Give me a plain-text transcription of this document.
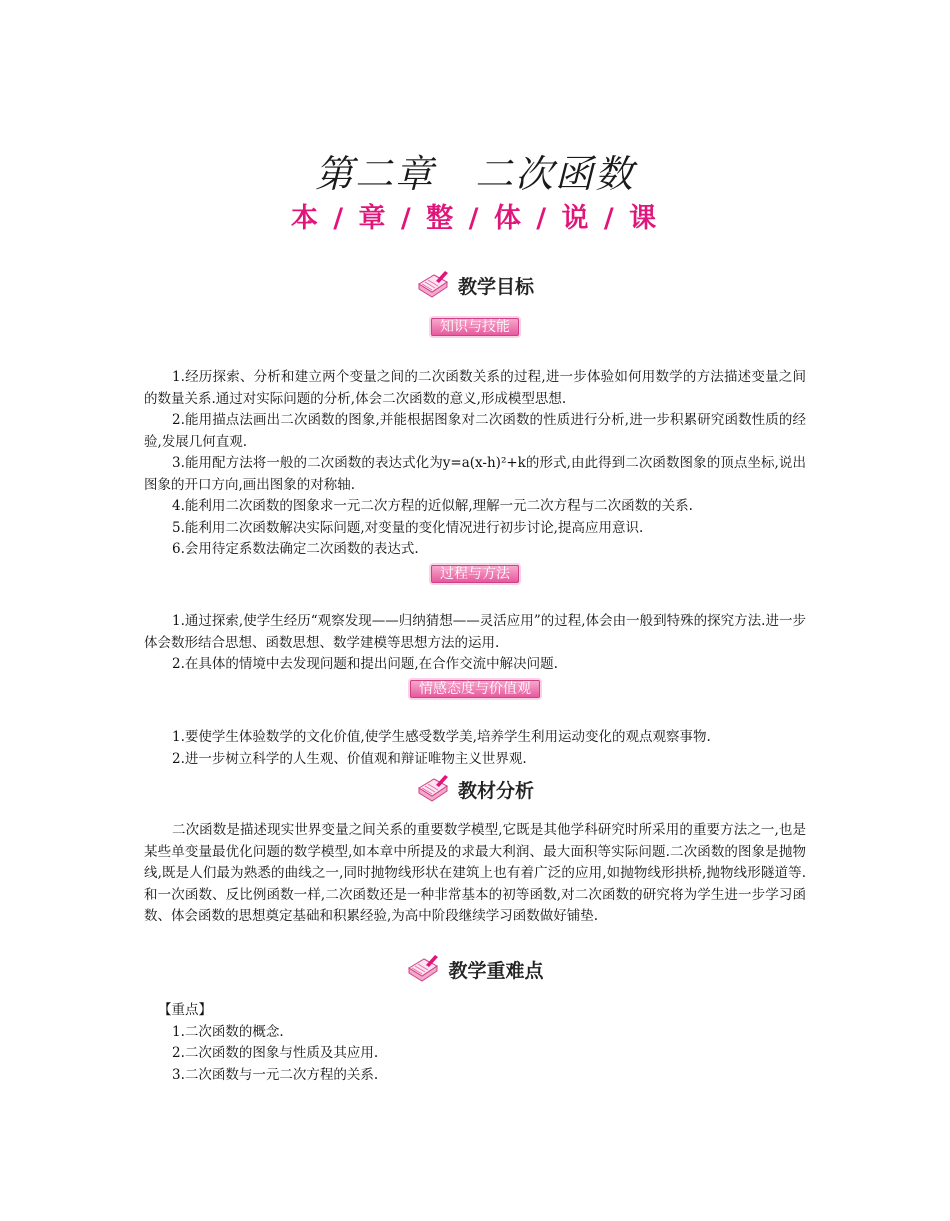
第二章　二次函数
本 / 章 / 整 / 体 / 说 / 课
教学目标
知识与技能

1.经历探索、分析和建立两个变量之间的二次函数关系的过程,进一步体验如何用数学的方法描述变量之间的数量关系.通过对实际问题的分析,体会二次函数的意义,形成模型思想.

2.能用描点法画出二次函数的图象,并能根据图象对二次函数的性质进行分析,进一步积累研究函数性质的经验,发展几何直观.

3.能用配方法将一般的二次函数的表达式化为y=a(x-h)²+k的形式,由此得到二次函数图象的顶点坐标,说出图象的开口方向,画出图象的对称轴.

4.能利用二次函数的图象求一元二次方程的近似解,理解一元二次方程与二次函数的关系.

5.能利用二次函数解决实际问题,对变量的变化情况进行初步讨论,提高应用意识.

6.会用待定系数法确定二次函数的表达式.

过程与方法

1.通过探索,使学生经历“观察发现——归纳猜想——灵活应用”的过程,体会由一般到特殊的探究方法.进一步体会数形结合思想、函数思想、数学建模等思想方法的运用.

2.在具体的情境中去发现问题和提出问题,在合作交流中解决问题.

情感态度与价值观

1.要使学生体验数学的文化价值,使学生感受数学美,培养学生利用运动变化的观点观察事物.

2.进一步树立科学的人生观、价值观和辩证唯物主义世界观.

教材分析

二次函数是描述现实世界变量之间关系的重要数学模型,它既是其他学科研究时所采用的重要方法之一,也是某些单变量最优化问题的数学模型,如本章中所提及的求最大利润、最大面积等实际问题.二次函数的图象是抛物线,既是人们最为熟悉的曲线之一,同时抛物线形状在建筑上也有着广泛的应用,如抛物线形拱桥,抛物线形隧道等.和一次函数、反比例函数一样,二次函数还是一种非常基本的初等函数,对二次函数的研究将为学生进一步学习函数、体会函数的思想奠定基础和积累经验,为高中阶段继续学习函数做好铺垫.

教学重难点

【重点】

1.二次函数的概念.

2.二次函数的图象与性质及其应用.

3.二次函数与一元二次方程的关系.
